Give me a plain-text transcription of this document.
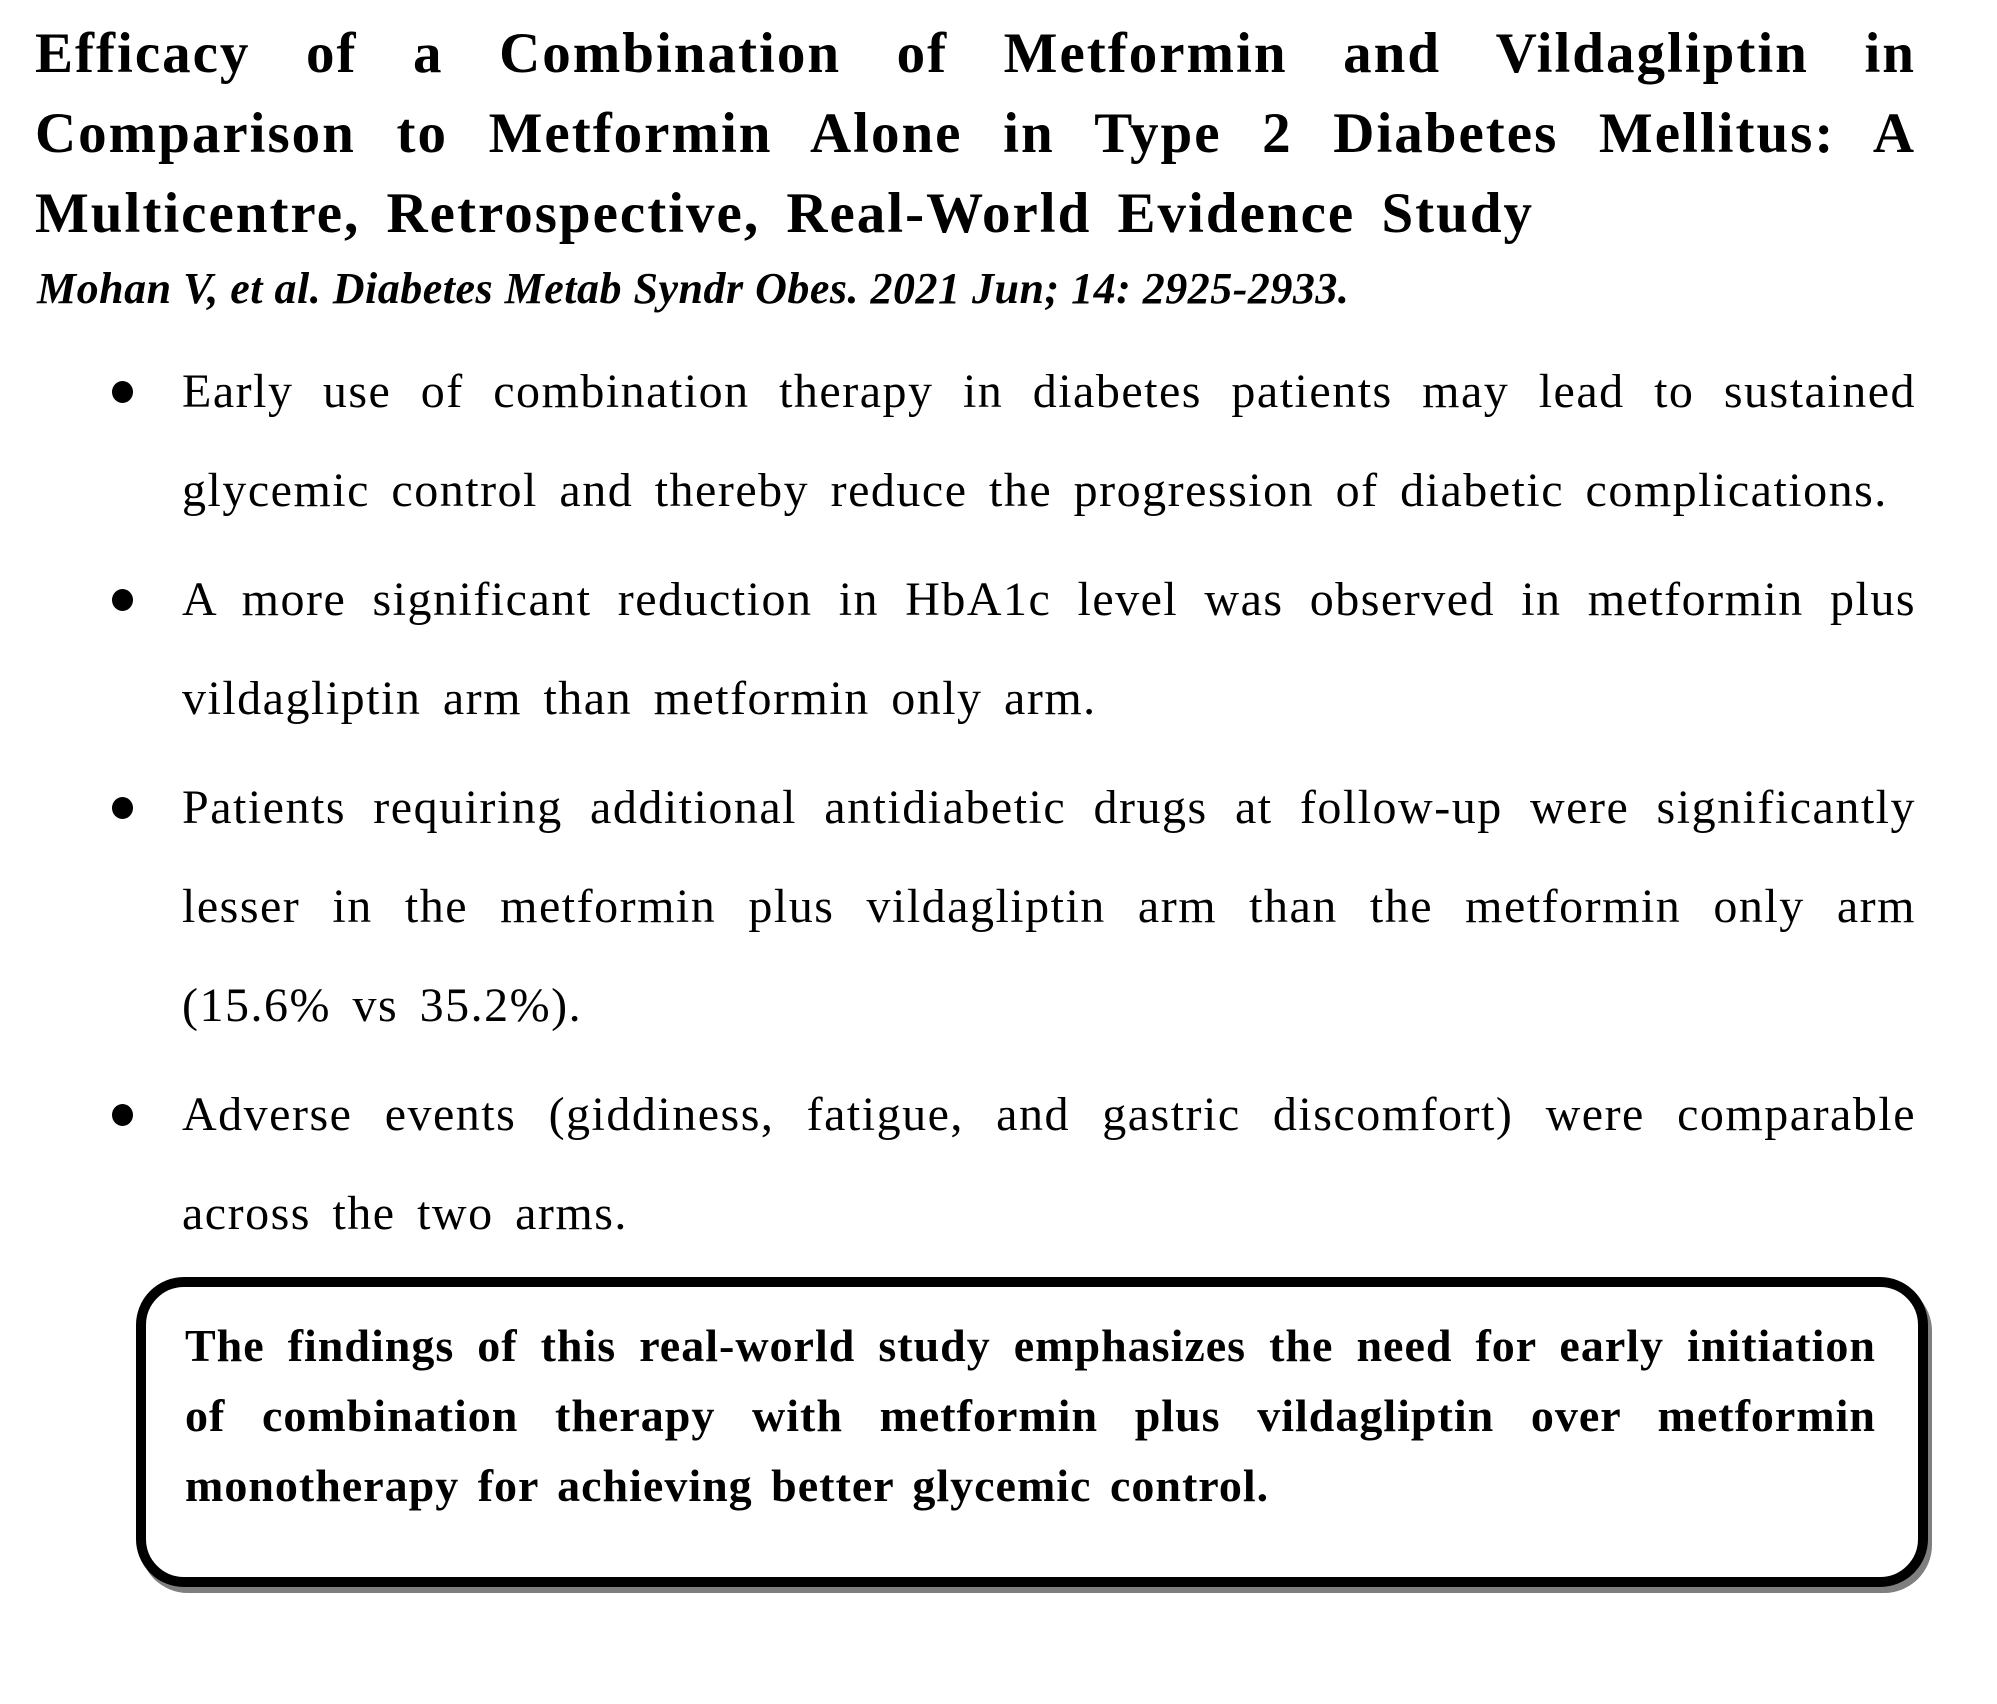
Efficacy of a Combination of Metformin and Vildagliptin in Comparison to Metformin Alone in Type 2 Diabetes Mellitus: A Multicentre, Retrospective, Real-World Evidence Study

Mohan V, et al. Diabetes Metab Syndr Obes. 2021 Jun; 14: 2925-2933.

Early use of combination therapy in diabetes patients may lead to sustained glycemic control and thereby reduce the progression of diabetic complications.
A more significant reduction in HbA1c level was observed in metformin plus vildagliptin arm than metformin only arm.
Patients requiring additional antidiabetic drugs at follow-up were significantly lesser in the metformin plus vildagliptin arm than the metformin only arm (15.6% vs 35.2%).
Adverse events (giddiness, fatigue, and gastric discomfort) were comparable across the two arms.

The findings of this real-world study emphasizes the need for early initiation of combination therapy with metformin plus vildagliptin over metformin monotherapy for achieving better glycemic control.
